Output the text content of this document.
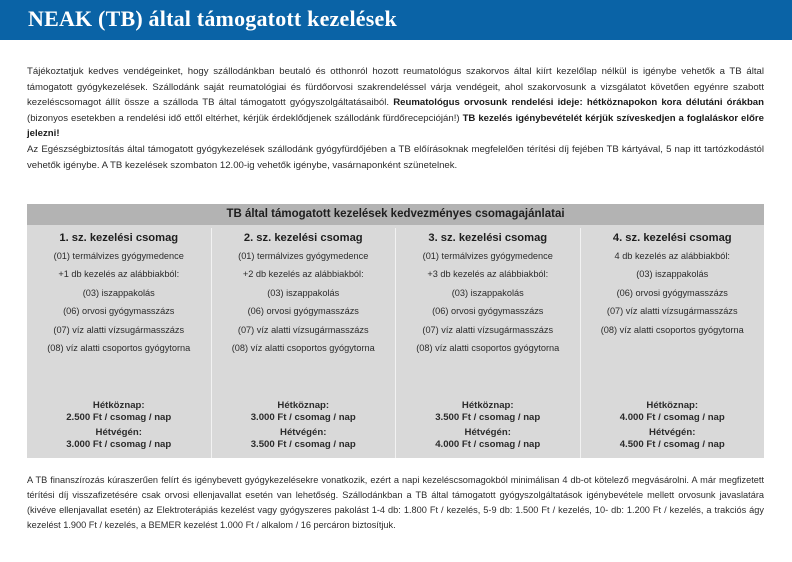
NEAK (TB) által támogatott kezelések

Tájékoztatjuk kedves vendégeinket, hogy szállodánkban beutaló és otthonról hozott reumatológus szakorvos által kiírt kezelőlap nélkül is igénybe vehetők a TB által támogatott gyógykezelések. Szállodánk saját reumatológiai és fürdőorvosi szakrendeléssel várja vendégeit, ahol szakorvosunk a vizsgálatot követően egyénre szabott kezeléscsomagot állít össze a szálloda TB által támogatott gyógyszolgáltatásaiból. Reumatológus orvosunk rendelési ideje: hétköznapokon kora délutáni órákban (bizonyos esetekben a rendelési idő ettől eltérhet, kérjük érdeklődjenek szállodánk fürdőrecepcióján!) TB kezelés igénybevételét kérjük szíveskedjen a foglaláskor előre jelezni!

Az Egészségbiztosítás által támogatott gyógykezelések szállodánk gyógyfürdőjében a TB előírásoknak megfelelően térítési díj fejében TB kártyával, 5 nap itt tartózkodástól vehetők igénybe. A TB kezelések szombaton 12.00-ig vehetők igénybe, vasárnaponként szünetelnek.

TB által támogatott kezelések kedvezményes csomagajánlatai
1. sz. kezelési csomag
(01) termálvizes gyógymedence
+1 db kezelés az alábbiakból:
(03) iszappakolás
(06) orvosi gyógymasszázs
(07) víz alatti vízsugármasszázs
(08) víz alatti csoportos gyógytorna
Hétköznap:
2.500 Ft / csomag / nap
Hétvégén:
3.000 Ft / csomag / nap
2. sz. kezelési csomag
(01) termálvizes gyógymedence
+2 db kezelés az alábbiakból:
(03) iszappakolás
(06) orvosi gyógymasszázs
(07) víz alatti vízsugármasszázs
(08) víz alatti csoportos gyógytorna
Hétköznap:
3.000 Ft / csomag / nap
Hétvégén:
3.500 Ft / csomag / nap
3. sz. kezelési csomag
(01) termálvizes gyógymedence
+3 db kezelés az alábbiakból:
(03) iszappakolás
(06) orvosi gyógymasszázs
(07) víz alatti vízsugármasszázs
(08) víz alatti csoportos gyógytorna
Hétköznap:
3.500 Ft / csomag / nap
Hétvégén:
4.000 Ft / csomag / nap
4. sz. kezelési csomag
4 db kezelés az alábbiakból:
(03) iszappakolás
(06) orvosi gyógymasszázs
(07) víz alatti vízsugármasszázs
(08) víz alatti csoportos gyógytorna
Hétköznap:
4.000 Ft / csomag / nap
Hétvégén:
4.500 Ft / csomag / nap

A TB finanszírozás kúraszerűen felírt és igénybevett gyógykezelésekre vonatkozik, ezért a napi kezeléscsomagokból minimálisan 4 db-ot kötelező megvásárolni. A már megfizetett térítési díj visszafizetésére csak orvosi ellenjavallat esetén van lehetőség. Szállodánkban a TB által támogatott gyógyszolgáltatások igénybevétele mellett orvosunk javaslatára (kivéve ellenjavallat esetén) az Elektroterápiás kezelést vagy gyógyszeres pakolást 1-4 db: 1.800 Ft / kezelés, 5-9 db: 1.500 Ft / kezelés, 10- db: 1.200 Ft / kezelés, a trakciós ágy kezelést 1.900 Ft / kezelés, a BEMER kezelést 1.000 Ft / alkalom / 16 percáron biztosítjuk.
